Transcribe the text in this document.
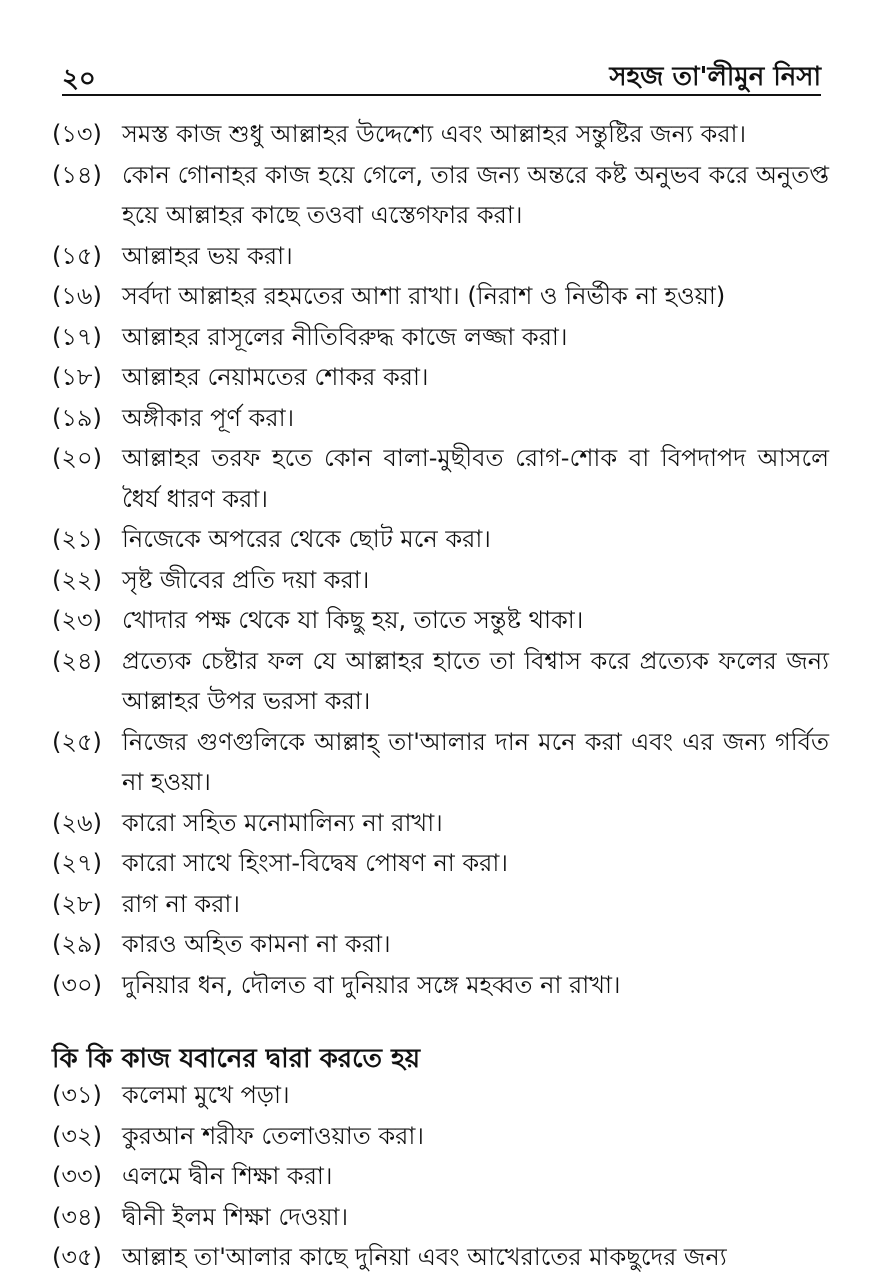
২০	সহজ তা'লীমুন নিসা
(১৩) সমস্ত কাজ শুধু আল্লাহর উদ্দেশ্যে এবং আল্লাহর সন্তুষ্টির জন্য করা।
(১৪) কোন গোনাহর কাজ হয়ে গেলে, তার জন্য অন্তরে কষ্ট অনুভব করে অনুতপ্ত হয়ে আল্লাহর কাছে তওবা এস্তেগফার করা।
(১৫) আল্লাহর ভয় করা।
(১৬) সর্বদা আল্লাহর রহমতের আশা রাখা। (নিরাশ ও নির্ভীক না হওয়া)
(১৭) আল্লাহর রাসূলের নীতিবিরুদ্ধ কাজে লজ্জা করা।
(১৮) আল্লাহর নেয়ামতের শোকর করা।
(১৯) অঙ্গীকার পূর্ণ করা।
(২০) আল্লাহর তরফ হতে কোন বালা-মুছীবত রোগ-শোক বা বিপদাপদ আসলে ধৈর্য ধারণ করা।
(২১) নিজেকে অপরের থেকে ছোট মনে করা।
(২২) সৃষ্ট জীবের প্রতি দয়া করা।
(২৩) খোদার পক্ষ থেকে যা কিছু হয়, তাতে সন্তুষ্ট থাকা।
(২৪) প্রত্যেক চেষ্টার ফল যে আল্লাহর হাতে তা বিশ্বাস করে প্রত্যেক ফলের জন্য আল্লাহর উপর ভরসা করা।
(২৫) নিজের গুণগুলিকে আল্লাহ্‌ তা'আলার দান মনে করা এবং এর জন্য গর্বিত না হওয়া।
(২৬) কারো সহিত মনোমালিন্য না রাখা।
(২৭) কারো সাথে হিংসা-বিদ্বেষ পোষণ না করা।
(২৮) রাগ না করা।
(২৯) কারও অহিত কামনা না করা।
(৩০) দুনিয়ার ধন, দৌলত বা দুনিয়ার সঙ্গে মহব্বত না রাখা।
কি কি কাজ যবানের দ্বারা করতে হয়
(৩১) কলেমা মুখে পড়া।
(৩২) কুরআন শরীফ তেলাওয়াত করা।
(৩৩) এলমে দ্বীন শিক্ষা করা।
(৩৪) দ্বীনী ইলম শিক্ষা দেওয়া।
(৩৫) আল্লাহ তা'আলার কাছে দুনিয়া এবং আখেরাতের মাকছুদের জন্য
